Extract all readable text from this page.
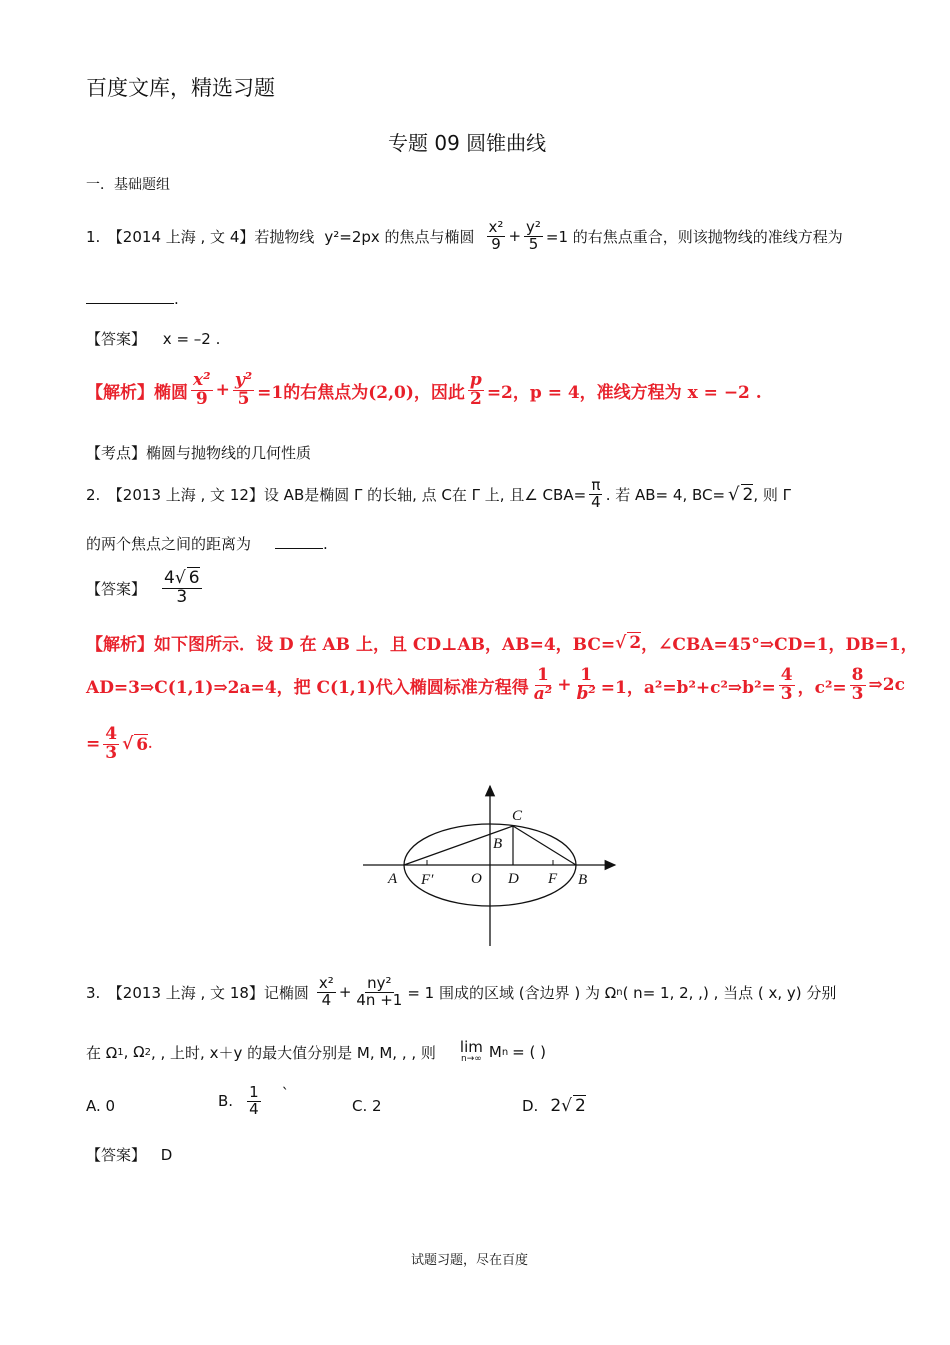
百度文库，精选习题
专题 09 圆锥曲线
一．基础题组
1.　【2014 上海 , 文 4】若抛物线 y²=2px 的焦点与椭圆 $\frac{\text{x²}}{9} + \frac{\text{y²}}{5} =1$ 的右焦点重合，则该抛物线的准线方程为
.
【答案】 x = –2 .
【解析】 椭圆 $\frac{\text{x²}}{9} + \frac{\text{y²}}{5} =1$的右焦点为(2,0)，因此 $\frac{p}{2} =2$，p = 4，准线方程为 x = −2 .
【考点】椭圆与抛物线的几何性质
2.　【2013 上海 , 文 12】设 AB是椭圆 Γ 的长轴, 点 C在 Γ 上, 且∠ $CBA= \frac{\pi}{4}$ . 若 AB= 4, BC= √ 2 , 则 Γ
的两个焦点之间的距离为	.
【答案】 $\frac{4√ 6}{3}$
【解析】 如下图所示．设 D 在 AB 上，且 CD⊥AB，AB=4，BC= √ 2 ，∠CBA=45°⇒CD=1，DB=1，
AD=3⇒C(1,1)⇒2a=4，把 C(1,1)代入椭圆标准方程得 $\frac{1}{\text{a²}} + \frac{1}{\text{b²}} =1$，a²=b²+c²⇒b²= $\frac{4}{3}$ ，$c^2= \frac{8}{3}$ ⇒2c
= $\frac{4}{3}$ √ 6 .
A F′	O D F B
C
B
3.　【2013 上海 , 文 18】记椭圆 $\frac{\text{x²}}{4} + \frac{\text{ny²}}{4n +1} = 1$ 围成的区域 (含边界 ) 为 Ω n ( n= 1, 2, ,) , 当点 ( x, y) 分别
在 Ω 1 , Ω 2 , , 上时, x＋y 的最大值分别是 M, M, , , 则 lim
n→∞ M n = ( )
A. 0	B. $\frac{1}{4}$ `
C. 2	D. 2 √ 2
【答案】 D
试题习题，尽在百度
